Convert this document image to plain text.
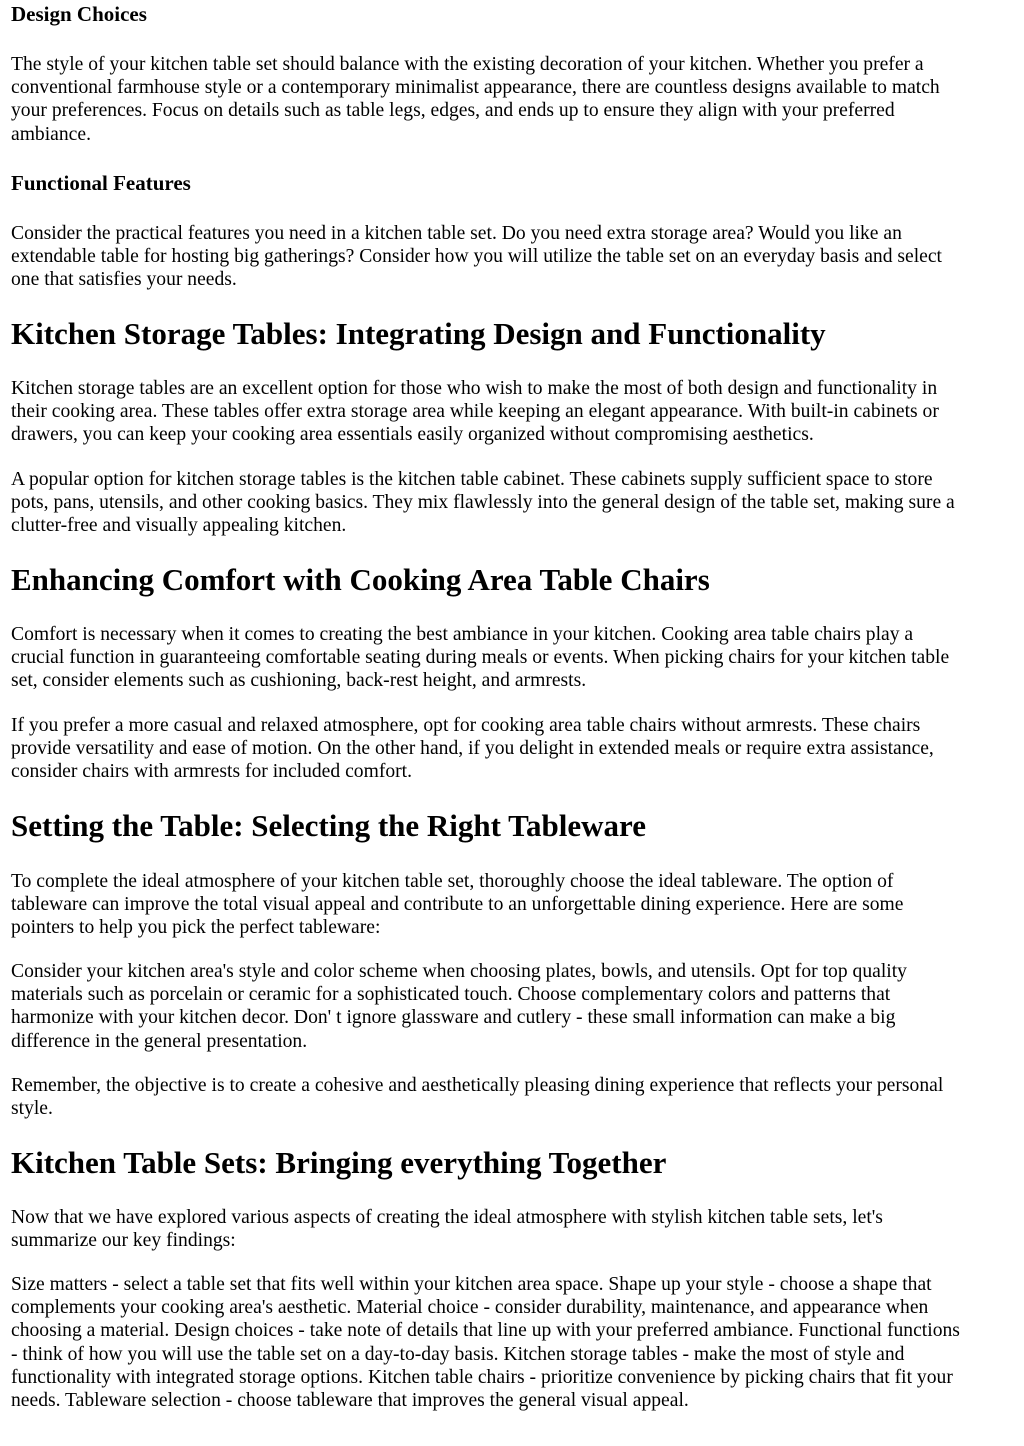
Design Choices
The style of your kitchen table set should balance with the existing decoration of your kitchen. Whether you prefer a
conventional farmhouse style or a contemporary minimalist appearance, there are countless designs available to match
your preferences. Focus on details such as table legs, edges, and ends up to ensure they align with your preferred
ambiance.
Functional Features
Consider the practical features you need in a kitchen table set. Do you need extra storage area? Would you like an
extendable table for hosting big gatherings? Consider how you will utilize the table set on an everyday basis and select
one that satisfies your needs.
Kitchen Storage Tables: Integrating Design and Functionality
Kitchen storage tables are an excellent option for those who wish to make the most of both design and functionality in
their cooking area. These tables offer extra storage area while keeping an elegant appearance. With built-in cabinets or
drawers, you can keep your cooking area essentials easily organized without compromising aesthetics.
A popular option for kitchen storage tables is the kitchen table cabinet. These cabinets supply sufficient space to store
pots, pans, utensils, and other cooking basics. They mix flawlessly into the general design of the table set, making sure a
clutter-free and visually appealing kitchen.
Enhancing Comfort with Cooking Area Table Chairs
Comfort is necessary when it comes to creating the best ambiance in your kitchen. Cooking area table chairs play a
crucial function in guaranteeing comfortable seating during meals or events. When picking chairs for your kitchen table
set, consider elements such as cushioning, back-rest height, and armrests.
If you prefer a more casual and relaxed atmosphere, opt for cooking area table chairs without armrests. These chairs
provide versatility and ease of motion. On the other hand, if you delight in extended meals or require extra assistance,
consider chairs with armrests for included comfort.
Setting the Table: Selecting the Right Tableware
To complete the ideal atmosphere of your kitchen table set, thoroughly choose the ideal tableware. The option of
tableware can improve the total visual appeal and contribute to an unforgettable dining experience. Here are some
pointers to help you pick the perfect tableware:
Consider your kitchen area's style and color scheme when choosing plates, bowls, and utensils. Opt for top quality
materials such as porcelain or ceramic for a sophisticated touch. Choose complementary colors and patterns that
harmonize with your kitchen decor. Don' t ignore glassware and cutlery - these small information can make a big
difference in the general presentation.
Remember, the objective is to create a cohesive and aesthetically pleasing dining experience that reflects your personal
style.
Kitchen Table Sets: Bringing everything Together
Now that we have explored various aspects of creating the ideal atmosphere with stylish kitchen table sets, let's
summarize our key findings:
Size matters - select a table set that fits well within your kitchen area space. Shape up your style - choose a shape that
complements your cooking area's aesthetic. Material choice - consider durability, maintenance, and appearance when
choosing a material. Design choices - take note of details that line up with your preferred ambiance. Functional functions
- think of how you will use the table set on a day-to-day basis. Kitchen storage tables - make the most of style and
functionality with integrated storage options. Kitchen table chairs - prioritize convenience by picking chairs that fit your
needs. Tableware selection - choose tableware that improves the general visual appeal.
